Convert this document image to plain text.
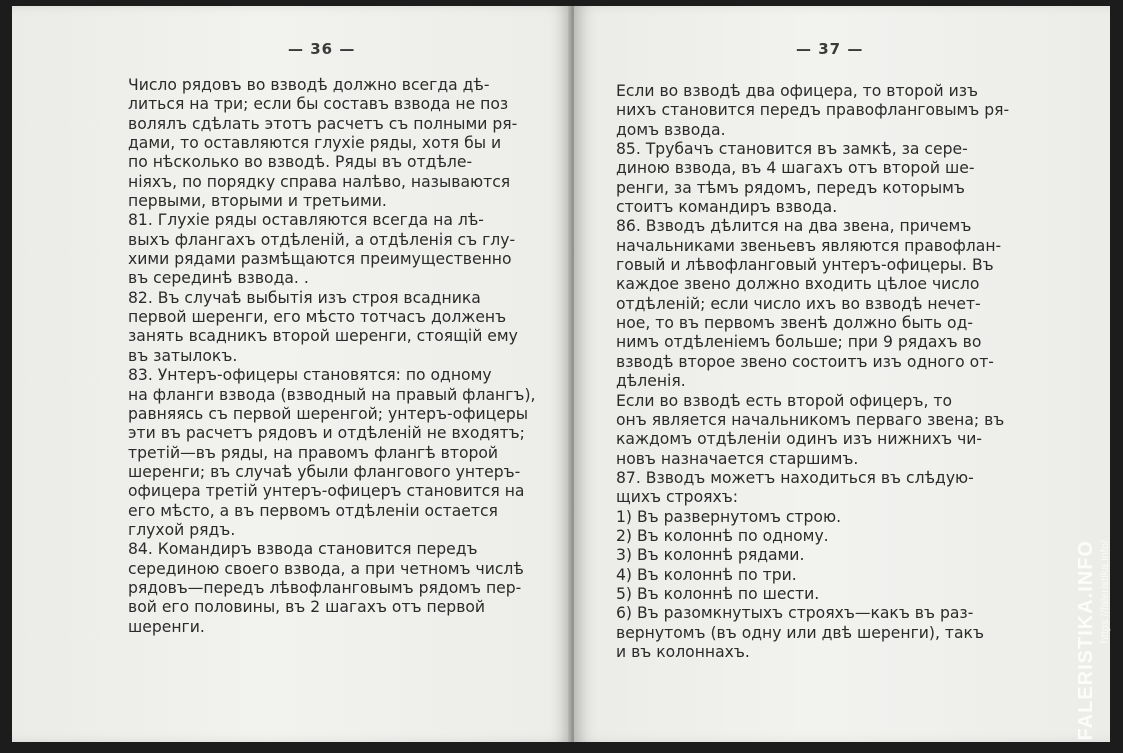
— 36 —
Число рядовъ во взводѣ должно всегда дѣ-
литься на три; если бы составъ взвода не поз
волялъ сдѣлать этотъ расчетъ съ полными ря-
дами, то оставляются глухіе ряды, хотя бы и
по нѣсколько во взводѣ. Ряды въ отдѣле-
ніяхъ, по порядку справа налѣво, называются
первыми, вторыми и третьими.
81. Глухіе ряды оставляются всегда на лѣ-
выхъ флангахъ отдѣленій, а отдѣленія съ глу-
хими рядами размѣщаются преимущественно
въ серединѣ взвода. .
82. Въ случаѣ выбытія изъ строя всадника
первой шеренги, его мѣсто тотчасъ долженъ
занять всадникъ второй шеренги, стоящій ему
въ затылокъ.
83. Унтеръ-офицеры становятся: по одному
на фланги взвода (взводный на правый флангъ),
равняясь съ первой шеренгой; унтеръ-офицеры
эти въ расчетъ рядовъ и отдѣленій не входятъ;
третій—въ ряды, на правомъ флангѣ второй
шеренги; въ случаѣ убыли флангового унтеръ-
офицера третій унтеръ-офицеръ становится на
его мѣсто, а въ первомъ отдѣленіи остается
глухой рядъ.
84. Командиръ взвода становится передъ
серединою своего взвода, а при четномъ числѣ
рядовъ—передъ лѣвофланговымъ рядомъ пер-
вой его половины, въ 2 шагахъ отъ первой
шеренги.
— 37 —
Если во взводѣ два офицера, то второй изъ
нихъ становится передъ правофланговымъ ря-
домъ взвода.
85. Трубачъ становится въ замкѣ, за сере-
диною взвода, въ 4 шагахъ отъ второй ше-
ренги, за тѣмъ рядомъ, передъ которымъ
стоитъ командиръ взвода.
86. Взводъ дѣлится на два звена, причемъ
начальниками звеньевъ являются правофлан-
говый и лѣвофланговый унтеръ-офицеры. Въ
каждое звено должно входить цѣлое число
отдѣленій; если число ихъ во взводѣ нечет-
ное, то въ первомъ звенѣ должно быть од-
нимъ отдѣленіемъ больше; при 9 рядахъ во
взводѣ второе звено состоитъ изъ одного от-
дѣленія.
Если во взводѣ есть второй офицеръ, то
онъ является начальникомъ перваго звена; въ
каждомъ отдѣленіи одинъ изъ нижнихъ чи-
новъ назначается старшимъ.
87. Взводъ можетъ находиться въ слѣдую-
щихъ строяхъ:
1) Въ развернутомъ строю.
2) Въ колоннѣ по одному.
3) Въ колоннѣ рядами.
4) Въ колоннѣ по три.
5) Въ колоннѣ по шести.
6) Въ разомкнутыхъ строяхъ—какъ въ раз-
вернутомъ (въ одну или двѣ шеренги), такъ
и въ колоннахъ.	FALERISTIKA.INFO https://faleristika.info/
